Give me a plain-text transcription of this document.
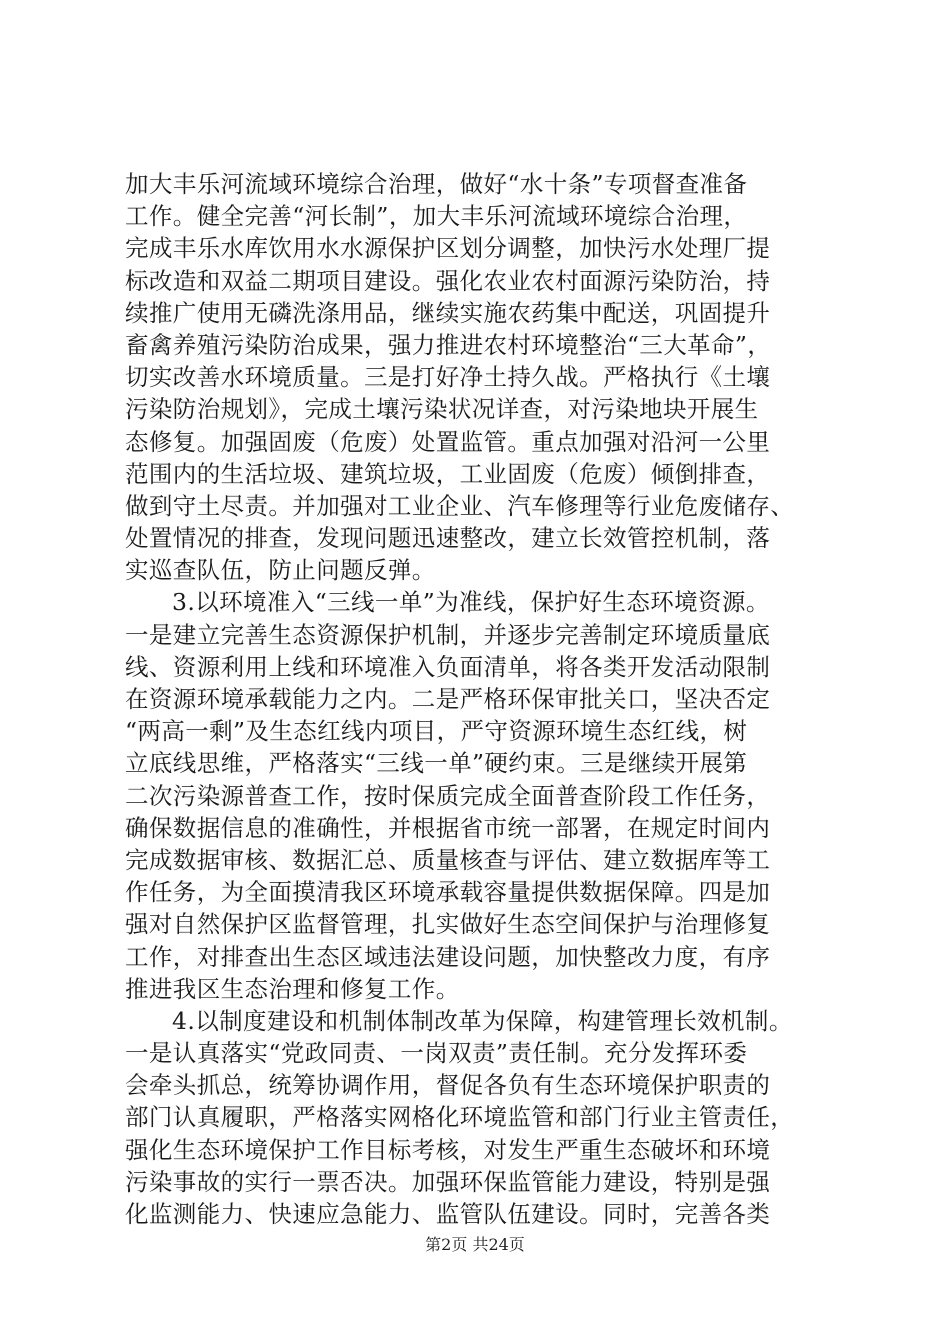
加大丰乐河流域环境综合治理，做好“水十条”专项督查准备
工作。健全完善“河长制”，加大丰乐河流域环境综合治理，
完成丰乐水库饮用水水源保护区划分调整，加快污水处理厂提
标改造和双益二期项目建设。强化农业农村面源污染防治，持
续推广使用无磷洗涤用品，继续实施农药集中配送，巩固提升
畜禽养殖污染防治成果，强力推进农村环境整治“三大革命”，
切实改善水环境质量。三是打好净土持久战。严格执行《土壤
污染防治规划》，完成土壤污染状况详查，对污染地块开展生
态修复。加强固废（危废）处置监管。重点加强对沿河一公里
范围内的生活垃圾、建筑垃圾，工业固废（危废）倾倒排查，
做到守土尽责。并加强对工业企业、汽车修理等行业危废储存、
处置情况的排查，发现问题迅速整改，建立长效管控机制，落
实巡查队伍，防止问题反弹。
3.以环境准入“三线一单”为准线，保护好生态环境资源。
一是建立完善生态资源保护机制，并逐步完善制定环境质量底
线、资源利用上线和环境准入负面清单，将各类开发活动限制
在资源环境承载能力之内。二是严格环保审批关口，坚决否定
“两高一剩”及生态红线内项目，严守资源环境生态红线，树
立底线思维，严格落实“三线一单”硬约束。三是继续开展第
二次污染源普查工作，按时保质完成全面普查阶段工作任务，
确保数据信息的准确性，并根据省市统一部署，在规定时间内
完成数据审核、数据汇总、质量核查与评估、建立数据库等工
作任务，为全面摸清我区环境承载容量提供数据保障。四是加
强对自然保护区监督管理，扎实做好生态空间保护与治理修复
工作，对排查出生态区域违法建设问题，加快整改力度，有序
推进我区生态治理和修复工作。
4.以制度建设和机制体制改革为保障，构建管理长效机制。
一是认真落实“党政同责、一岗双责”责任制。充分发挥环委
会牵头抓总，统筹协调作用，督促各负有生态环境保护职责的
部门认真履职，严格落实网格化环境监管和部门行业主管责任，
强化生态环境保护工作目标考核，对发生严重生态破坏和环境
污染事故的实行一票否决。加强环保监管能力建设，特别是强
化监测能力、快速应急能力、监管队伍建设。同时，完善各类
第2页 共24页
